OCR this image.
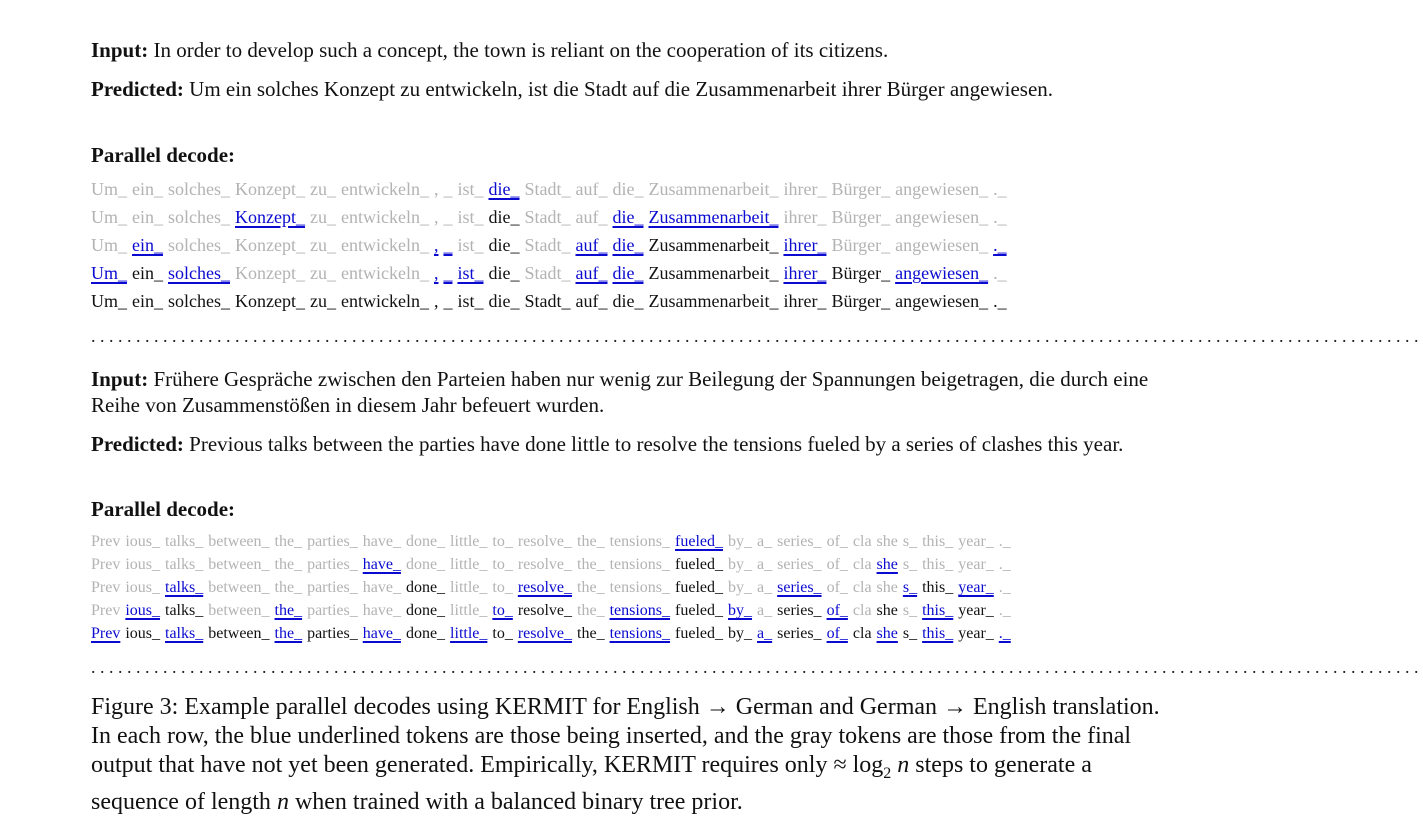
Input: In order to develop such a concept, the town is reliant on the cooperation of its citizens.
Predicted: Um ein solches Konzept zu entwickeln, ist die Stadt auf die Zusammenarbeit ihrer Bürger angewiesen.
Parallel decode:
Um_ ein_ solches_ Konzept_ zu_ entwickeln_ , _ ist_ die_ Stadt_ auf_ die_ Zusammenarbeit_ ihrer_ Bürger_ angewiesen_ ._
Um_ ein_ solches_ Konzept_ zu_ entwickeln_ , _ ist_ die_ Stadt_ auf_ die_ Zusammenarbeit_ ihrer_ Bürger_ angewiesen_ ._
Um_ ein_ solches_ Konzept_ zu_ entwickeln_ , _ ist_ die_ Stadt_ auf_ die_ Zusammenarbeit_ ihrer_ Bürger_ angewiesen_ ._
Um_ ein_ solches_ Konzept_ zu_ entwickeln_ , _ ist_ die_ Stadt_ auf_ die_ Zusammenarbeit_ ihrer_ Bürger_ angewiesen_ ._
Um_ ein_ solches_ Konzept_ zu_ entwickeln_ , _ ist_ die_ Stadt_ auf_ die_ Zusammenarbeit_ ihrer_ Bürger_ angewiesen_ ._
....................................................................................................................................................
Input: Frühere Gespräche zwischen den Parteien haben nur wenig zur Beilegung der Spannungen beigetragen, die durch eine Reihe von Zusammenstößen in diesem Jahr befeuert wurden.
Predicted: Previous talks between the parties have done little to resolve the tensions fueled by a series of clashes this year.
Parallel decode:
Prev ious_ talks_ between_ the_ parties_ have_ done_ little_ to_ resolve_ the_ tensions_ fueled_ by_ a_ series_ of_ cla she s_ this_ year_ ._
Prev ious_ talks_ between_ the_ parties_ have_ done_ little_ to_ resolve_ the_ tensions_ fueled_ by_ a_ series_ of_ cla she s_ this_ year_ ._
Prev ious_ talks_ between_ the_ parties_ have_ done_ little_ to_ resolve_ the_ tensions_ fueled_ by_ a_ series_ of_ cla she s_ this_ year_ ._
Prev ious_ talks_ between_ the_ parties_ have_ done_ little_ to_ resolve_ the_ tensions_ fueled_ by_ a_ series_ of_ cla she s_ this_ year_ ._
Prev ious_ talks_ between_ the_ parties_ have_ done_ little_ to_ resolve_ the_ tensions_ fueled_ by_ a_ series_ of_ cla she s_ this_ year_ ._
....................................................................................................................................................
Figure 3: Example parallel decodes using KERMIT for English → German and German → English translation. In each row, the blue underlined tokens are those being inserted, and the gray tokens are those from the final output that have not yet been generated. Empirically, KERMIT requires only ≈ $\log_2 n$ steps to generate a sequence of length n when trained with a balanced binary tree prior.
